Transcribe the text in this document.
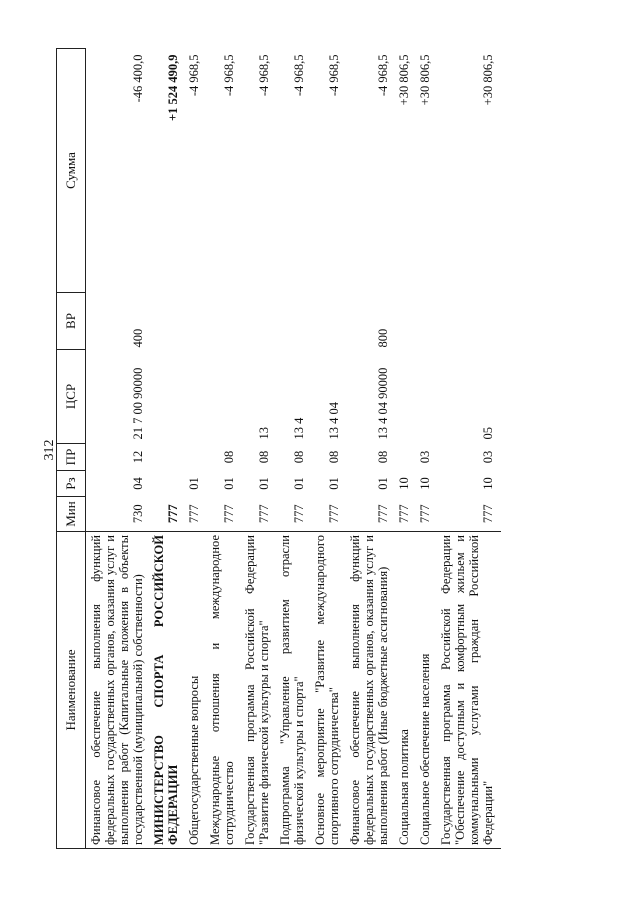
312
Наименование	Мин	Рз	ПР	ЦСР	ВР	Сумма
Финансовое обеспечение выполнения функций федеральных государственных органов, оказания услуг и выполнения работ (Капитальные вложения в объекты государственной (муниципальной) собственности)	730	04	12	21 7 00 90000	400	-46 400,0
МИНИСТЕРСТВО СПОРТА РОССИЙСКОЙ ФЕДЕРАЦИИ	777					+1 524 490,9
Общегосударственные вопросы	777	01				-4 968,5
Международные отношения и международное сотрудничество	777	01	08			-4 968,5
Государственная программа Российской Федерации "Развитие физической культуры и спорта"	777	01	08	13		-4 968,5
Подпрограмма "Управление развитием отрасли физической культуры и спорта"	777	01	08	13 4		-4 968,5
Основное мероприятие "Развитие международного спортивного сотрудничества"	777	01	08	13 4 04		-4 968,5
Финансовое обеспечение выполнения функций федеральных государственных органов, оказания услуг и выполнения работ (Иные бюджетные ассигнования)	777	01	08	13 4 04 90000	800	-4 968,5
Социальная политика	777	10				+30 806,5
Социальное обеспечение населения	777	10	03			+30 806,5
Государственная программа Российской Федерации "Обеспечение доступным и комфортным жильем и коммунальными услугами граждан Российской Федерации"	777	10	03	05		+30 806,5
